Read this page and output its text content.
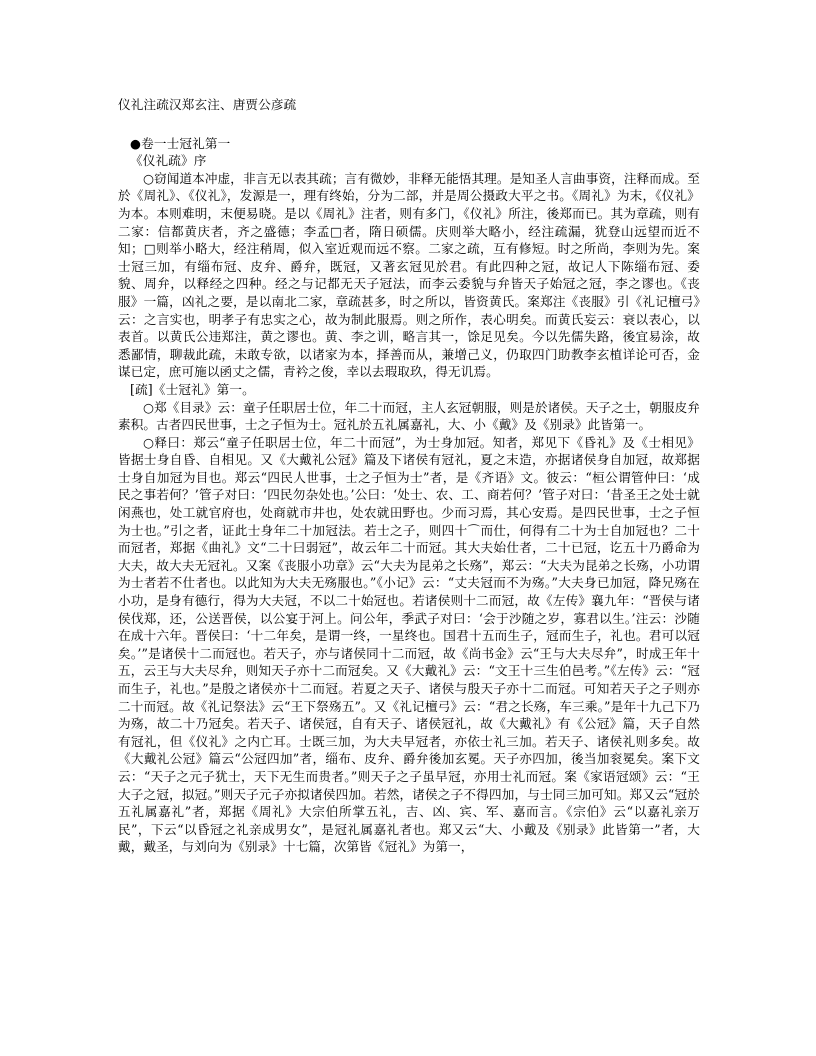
仪礼注疏汉郑玄注、唐贾公彦疏
●卷一士冠礼第一
《仪礼疏》序

○窃闻道本冲虚，非言无以表其疏；言有微妙，非释无能悟其理。是知圣人言曲事资，注释而成。至於《周礼》、《仪礼》，发源是一，理有终始，分为二部，并是周公摄政大平之书。《周礼》为末，《仪礼》为本。本则难明，末便易晓。是以《周礼》注者，则有多门，《仪礼》所注，後郑而已。其为章疏，则有二家：信都黄庆者，齐之盛德；李孟□者，隋日硕儒。庆则举大略小，经注疏漏，犹登山远望而近不知；□则举小略大，经注稍周，似入室近观而远不察。二家之疏，互有修短。时之所尚，李则为先。案士冠三加，有缁布冠、皮弁、爵弁，既冠，又著玄冠见於君。有此四种之冠，故记人下陈缁布冠、委貌、周弁，以释经之四种。经之与记都无天子冠法，而李云委貌与弁皆天子始冠之冠，李之谬也。《丧服》一篇，凶礼之要，是以南北二家，章疏甚多，时之所以，皆资黄氏。案郑注《丧服》引《礼记檀弓》云：之言实也，明孝子有忠实之心，故为制此服焉。则之所作，表心明矣。而黄氏妄云：衰以表心，以表首。以黄氏公违郑注，黄之谬也。黄、李之训，略言其一，馀足见矣。今以先儒失路，後宜易涂，故悉鄙情，聊裁此疏，未敢专欲，以诸家为本，择善而从，兼增己义，仍取四门助教李玄植详论可否，金谋已定，庶可施以函丈之儒，青衿之俊，幸以去瑕取玖，得无讥焉。

[疏]《士冠礼》第一。

○郑《目录》云：童子任职居士位，年二十而冠，主人玄冠朝服，则是於诸侯。天子之士，朝服皮弁素积。古者四民世事，士之子恒为士。冠礼於五礼属嘉礼，大、小《戴》及《别录》此皆第一。

○释曰：郑云“童子任职居士位，年二十而冠”，为士身加冠。知者，郑见下《昏礼》及《士相见》皆据士身自昏、自相见。又《大戴礼公冠》篇及下诸侯有冠礼，夏之末造，亦据诸侯身自加冠，故郑据士身自加冠为目也。郑云“四民人世事，士之子恒为士”者，是《齐语》文。彼云：“桓公谓管仲曰：‘成民之事若何？’管子对曰：‘四民勿杂处也。’公曰：‘处士、农、工、商若何？’管子对曰：‘昔圣王之处士就闲燕也，处工就官府也，处商就市井也，处农就田野也。少而习焉，其心安焉。是四民世事，士之子恒为士也。”引之者，证此士身年二十加冠法。若士之子，则四十⌒而仕，何得有二十为士自加冠也？二十而冠者，郑据《曲礼》文“二十曰弱冠”，故云年二十而冠。其大夫始仕者，二十已冠，讫五十乃爵命为大夫，故大夫无冠礼。又案《丧服小功章》云“大夫为昆弟之长殇”，郑云：“大夫为昆弟之长殇，小功谓为士者若不仕者也。以此知为大夫无殇服也。”《小记》云：“丈夫冠而不为殇。”大夫身已加冠，降兄殇在小功，是身有德行，得为大夫冠，不以二十始冠也。若诸侯则十二而冠，故《左传》襄九年：“晋侯与诸侯伐郑，还，公送晋侯，以公宴于河上。问公年，季武子对曰：‘会于沙随之岁，寡君以生。’注云：沙随在成十六年。晋侯曰：‘十二年矣，是谓一终，一星终也。国君十五而生子，冠而生子，礼也。君可以冠矣。’”是诸侯十二而冠也。若天子，亦与诸侯同十二而冠，故《尚书金》云“王与大夫尽弁”，时成王年十五，云王与大夫尽弁，则知天子亦十二而冠矣。又《大戴礼》云：“文王十三生伯邑考。”《左传》云：“冠而生子，礼也。”是殷之诸侯亦十二而冠。若夏之天子、诸侯与殷天子亦十二而冠。可知若天子之子则亦二十而冠。故《礼记祭法》云“王下祭殇五”。又《礼记檀弓》云：“君之长殇，车三乘。”是年十九己下乃为殇，故二十乃冠矣。若天子、诸侯冠，自有天子、诸侯冠礼，故《大戴礼》有《公冠》篇，天子自然有冠礼，但《仪礼》之内亡耳。士既三加，为大夫早冠者，亦依士礼三加。若天子、诸侯礼则多矣。故《大戴礼公冠》篇云“公冠四加”者，缁布、皮弁、爵弁後加玄冕。天子亦四加，後当加衮冕矣。案下文云：“天子之元子犹士，天下无生而贵者。”则天子之子虽早冠，亦用士礼而冠。案《家语冠颂》云：“王大子之冠，拟冠。”则天子元子亦拟诸侯四加。若然，诸侯之子不得四加，与士同三加可知。郑又云“冠於五礼属嘉礼”者，郑据《周礼》大宗伯所掌五礼，吉、凶、宾、军、嘉而言。《宗伯》云“以嘉礼亲万民”，下云“以昏冠之礼亲成男女”，是冠礼属嘉礼者也。郑又云“大、小戴及《别录》此皆第一”者，大戴，戴圣，与刘向为《别录》十七篇，次第皆《冠礼》为第一，
